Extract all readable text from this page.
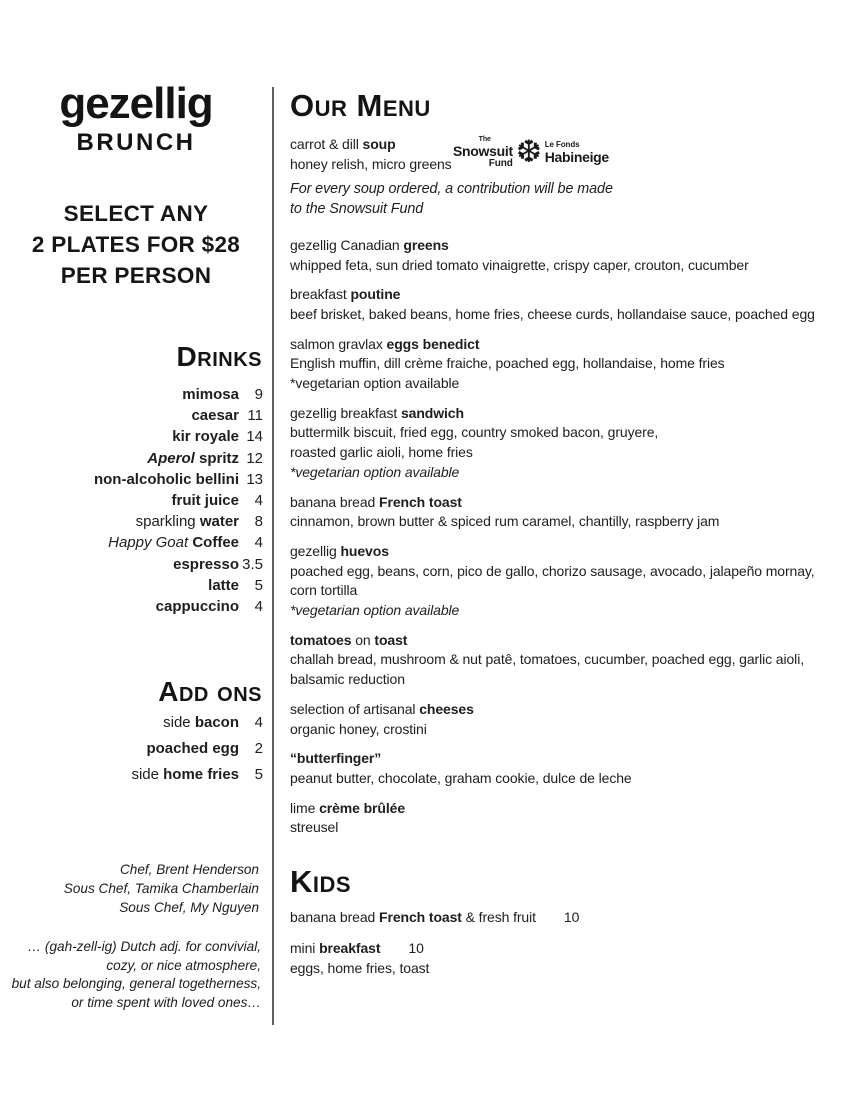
gezellig
BRUNCH
SELECT ANY
2 PLATES FOR $28
PER PERSON
Drinks
mimosa	9
caesar 11
kir royale 14
Aperol spritz 12
non-alcoholic bellini 13
fruit juice	4
sparkling water	8
Happy Goat Coffee	4
espresso 3.5
latte	5
cappuccino	4
Add ons
side bacon	4
poached egg	2
side home fries	5
Chef, Brent Henderson
Sous Chef, Tamika Chamberlain
Sous Chef, My Nguyen
… (gah-zell-ig) Dutch adj. for convivial,
cozy, or nice atmosphere,
but also belonging, general togetherness,
or time spent with loved ones…
Our Menu
carrot & dill soup
honey relish, micro greens
The
Snowsuit
Fund ❆ Le Fonds
Habineige
For every soup ordered, a contribution will be made
to the Snowsuit Fund
gezellig Canadian greens
whipped feta, sun dried tomato vinaigrette, crispy caper, crouton, cucumber
breakfast poutine
beef brisket, baked beans, home fries, cheese curds, hollandaise sauce, poached egg
salmon gravlax eggs benedict
English muffin, dill crème fraiche, poached egg, hollandaise, home fries
*vegetarian option available
gezellig breakfast sandwich
buttermilk biscuit, fried egg, country smoked bacon, gruyere,
roasted garlic aioli, home fries
*vegetarian option available
banana bread French toast
cinnamon, brown butter & spiced rum caramel, chantilly, raspberry jam
gezellig huevos
poached egg, beans, corn, pico de gallo, chorizo sausage, avocado, jalapeño mornay,
corn tortilla
*vegetarian option available
tomatoes on toast
challah bread, mushroom & nut patê, tomatoes, cucumber, poached egg, garlic aioli,
balsamic reduction
selection of artisanal cheeses
organic honey, crostini
“butterfinger”
peanut butter, chocolate, graham cookie, dulce de leche
lime crème brûlée
streusel
Kids
banana bread French toast & fresh fruit 10
mini breakfast 10
eggs, home fries, toast
